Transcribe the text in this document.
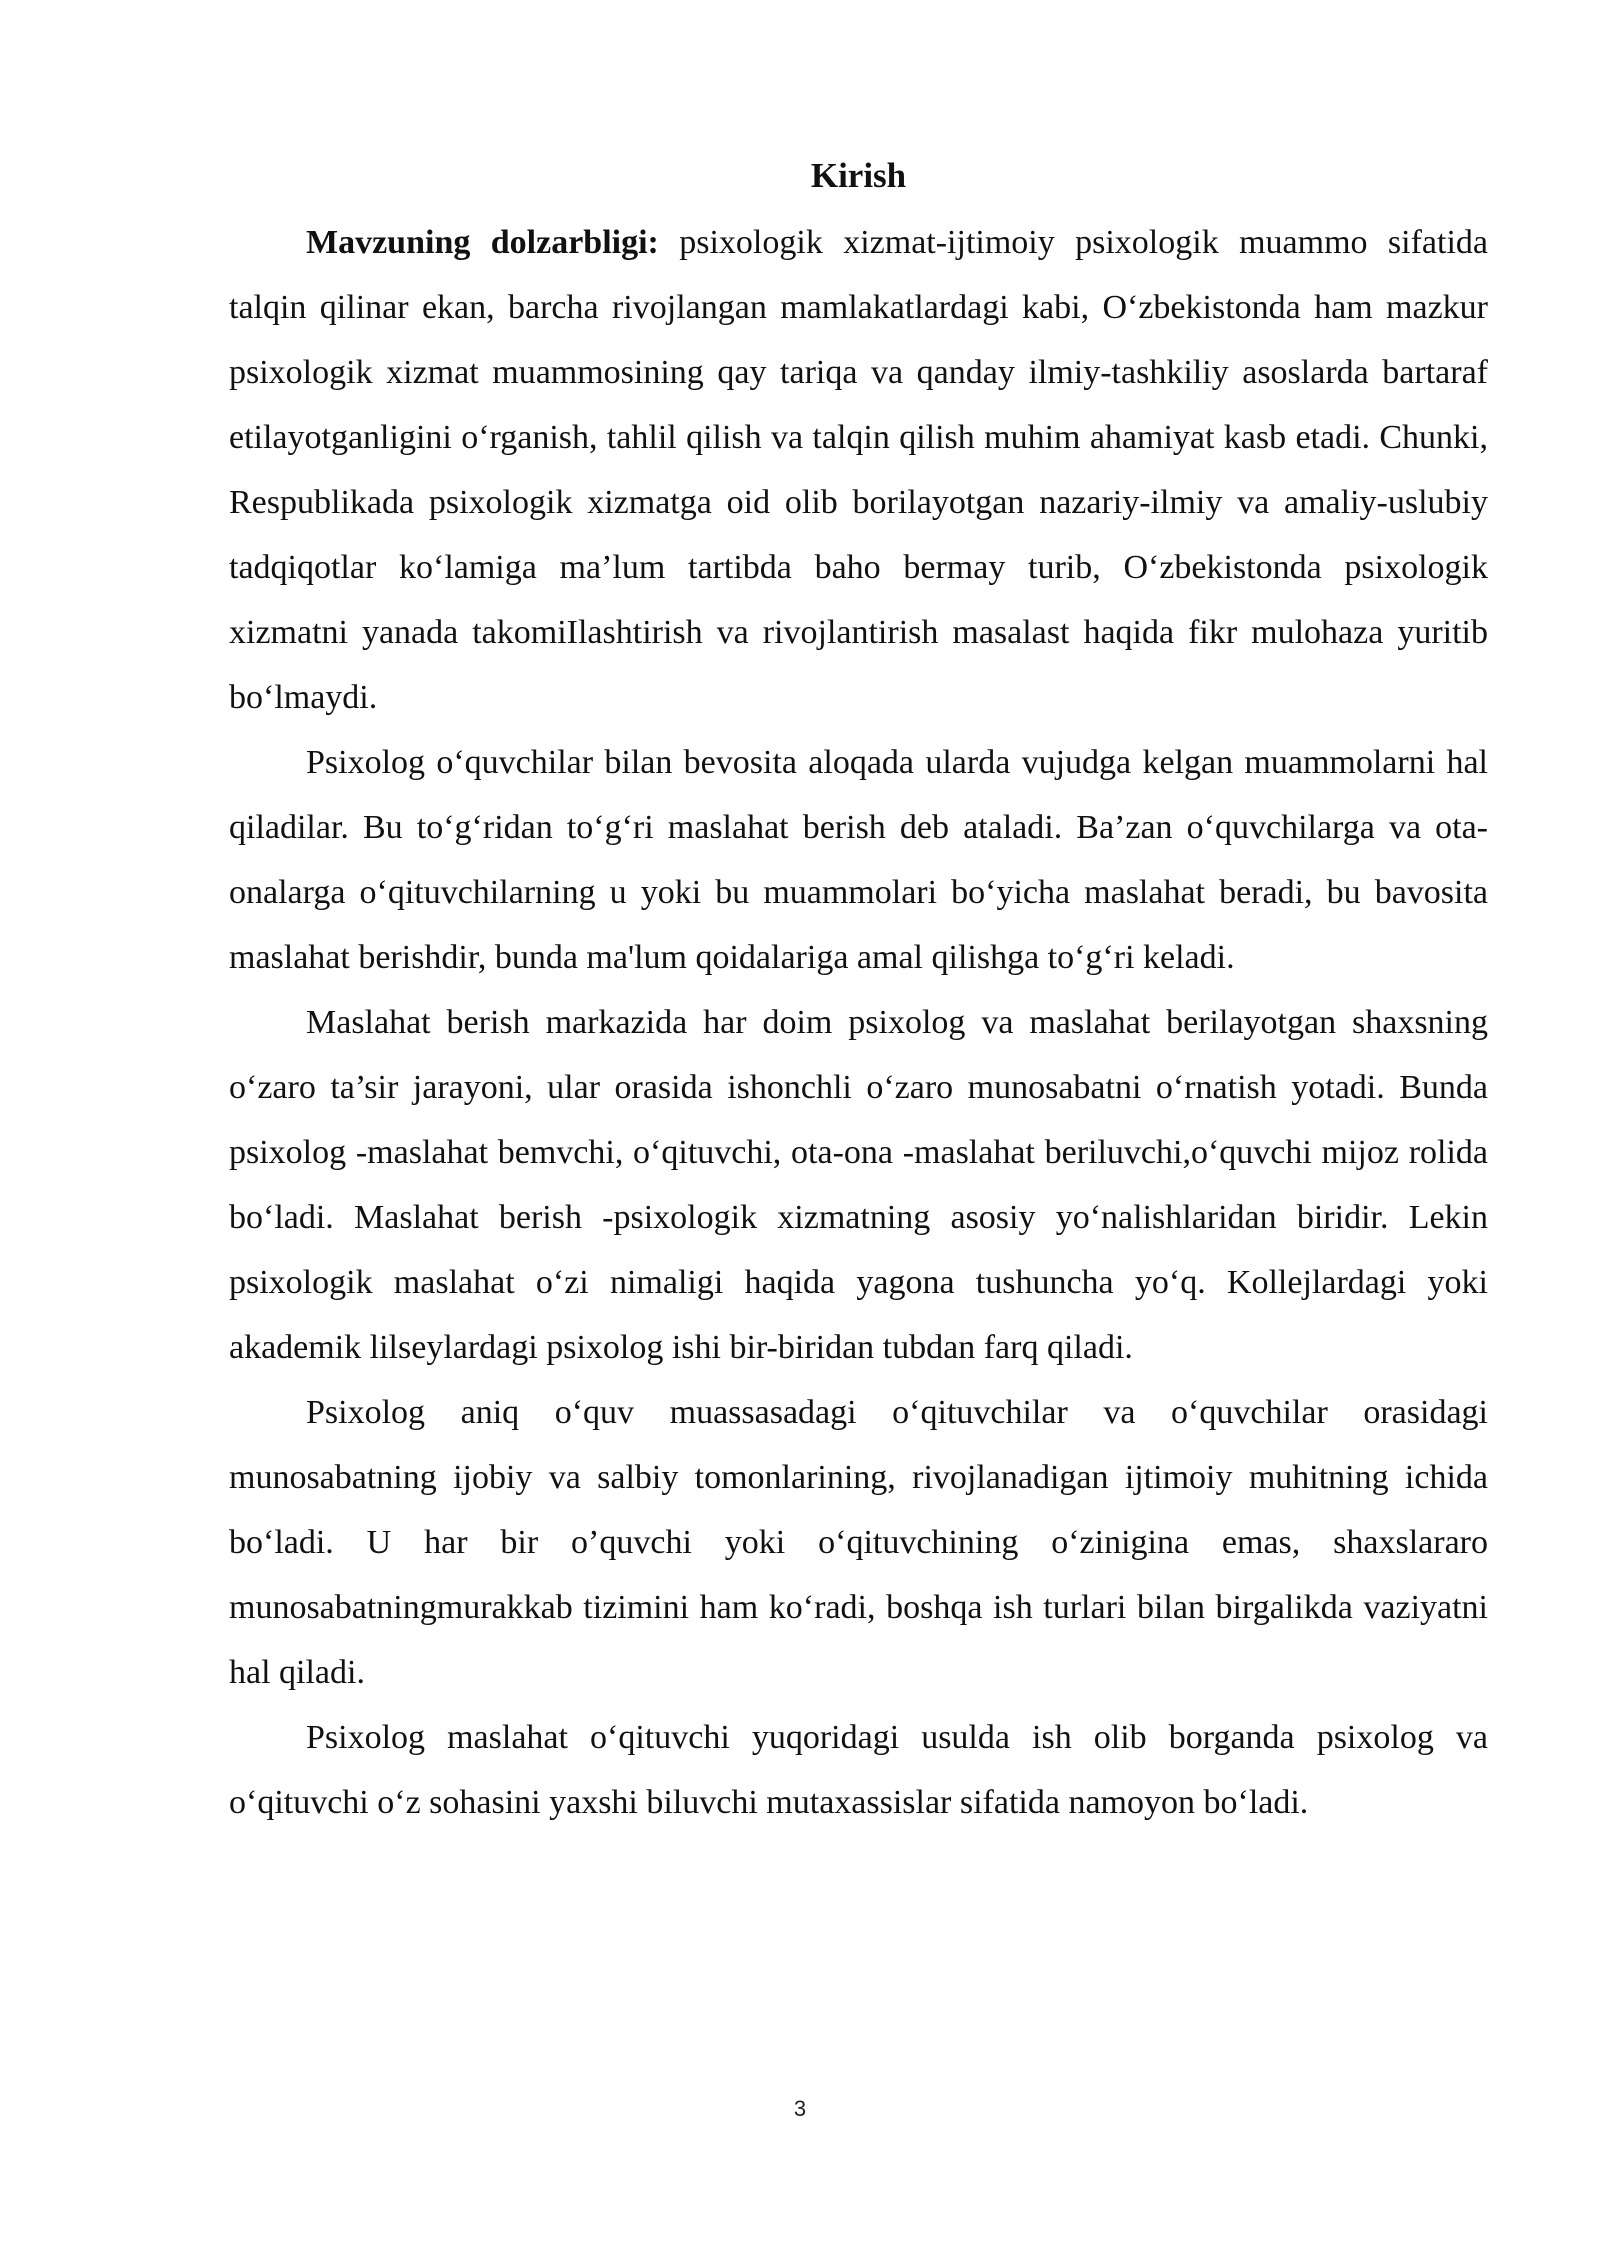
Kirish

Mavzuning dolzarbligi: psixologik xizmat-ijtimoiy psixologik muammo sifatida talqin qilinar ekan, barcha rivojlangan mamlakatlardagi kabi, O‘zbekistonda ham mazkur psixologik xizmat muammosining qay tariqa va qanday ilmiy-tashkiliy asoslarda bartaraf etilayotganligini o‘rganish, tahlil qilish va talqin qilish muhim ahamiyat kasb etadi. Chunki, Respublikada psixologik xizmatga oid olib borilayotgan nazariy-ilmiy va amaliy-uslubiy tadqiqotlar ko‘lamiga ma’lum tartibda baho bermay turib, O‘zbekistonda psixologik xizmatni yanada takomiIlashtirish va rivojlantirish masalast haqida fikr mulohaza yuritib bo‘lmaydi.

Psixolog o‘quvchilar bilan bevosita aloqada ularda vujudga kelgan muammolarni hal qiladilar. Bu to‘g‘ridan to‘g‘ri maslahat berish deb ataladi. Ba’zan o‘quvchilarga va ota-onalarga o‘qituvchilarning u yoki bu muammolari bo‘yicha maslahat beradi, bu bavosita maslahat berishdir, bunda ma'lum qoidalariga amal qilishga to‘g‘ri keladi.

Maslahat berish markazida har doim psixolog va maslahat berilayotgan shaxsning o‘zaro ta’sir jarayoni, ular orasida ishonchli o‘zaro munosabatni o‘rnatish yotadi. Bunda psixolog -maslahat bemvchi, o‘qituvchi, ota-ona -maslahat beriluvchi,o‘quvchi mijoz rolida bo‘ladi. Maslahat berish -psixologik xizmatning asosiy yo‘nalishlaridan biridir. Lekin psixologik maslahat o‘zi nimaligi haqida yagona tushuncha yo‘q. Kollejlardagi yoki akademik lilseylardagi psixolog ishi bir-biridan tubdan farq qiladi.

Psixolog aniq o‘quv muassasadagi o‘qituvchilar va o‘quvchilar orasidagi munosabatning ijobiy va salbiy tomonlarining, rivojlanadigan ijtimoiy muhitning ichida bo‘ladi. U har bir o’quvchi yoki o‘qituvchining o‘zinigina emas, shaxslararo munosabatningmurakkab tizimini ham ko‘radi, boshqa ish turlari bilan birgalikda vaziyatni hal qiladi.

Psixolog maslahat o‘qituvchi yuqoridagi usulda ish olib borganda psixolog va o‘qituvchi o‘z sohasini yaxshi biluvchi mutaxassislar sifatida namoyon bo‘ladi.

3
